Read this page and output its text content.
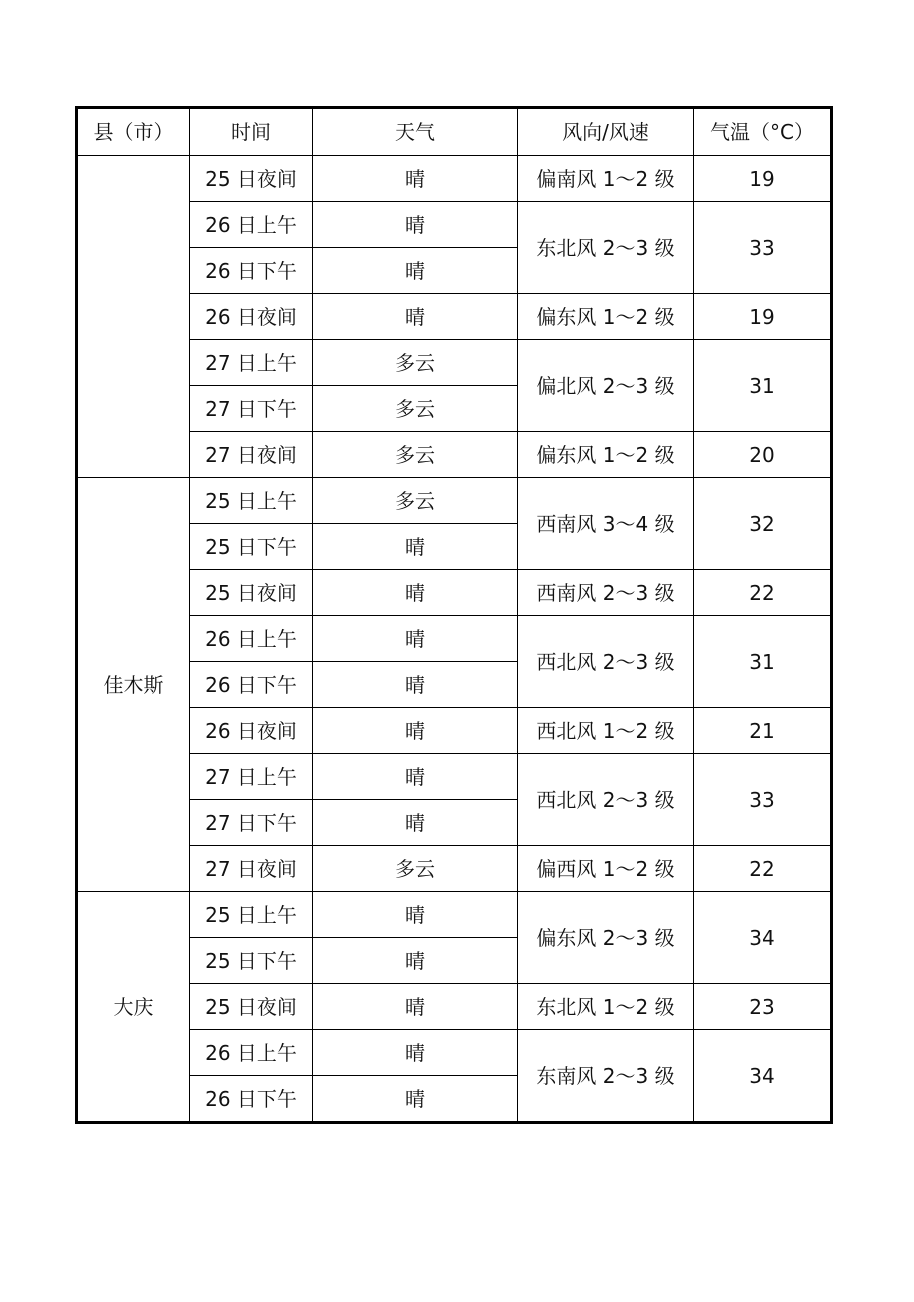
县（市）	时间	天气	风向/风速	气温（°C）
	25 日夜间	晴	偏南风 1～2 级	19
	26 日上午	晴	东北风 2～3 级	33
	26 日下午	晴		
	26 日夜间	晴	偏东风 1～2 级	19
	27 日上午	多云	偏北风 2～3 级	31
	27 日下午	多云		
	27 日夜间	多云	偏东风 1～2 级	20
佳木斯	25 日上午	多云	西南风 3～4 级	32
	25 日下午	晴		
	25 日夜间	晴	西南风 2～3 级	22
	26 日上午	晴	西北风 2～3 级	31
	26 日下午	晴		
	26 日夜间	晴	西北风 1～2 级	21
	27 日上午	晴	西北风 2～3 级	33
	27 日下午	晴		
	27 日夜间	多云	偏西风 1～2 级	22
大庆	25 日上午	晴	偏东风 2～3 级	34
	25 日下午	晴		
	25 日夜间	晴	东北风 1～2 级	23
	26 日上午	晴	东南风 2～3 级	34
	26 日下午	晴		
